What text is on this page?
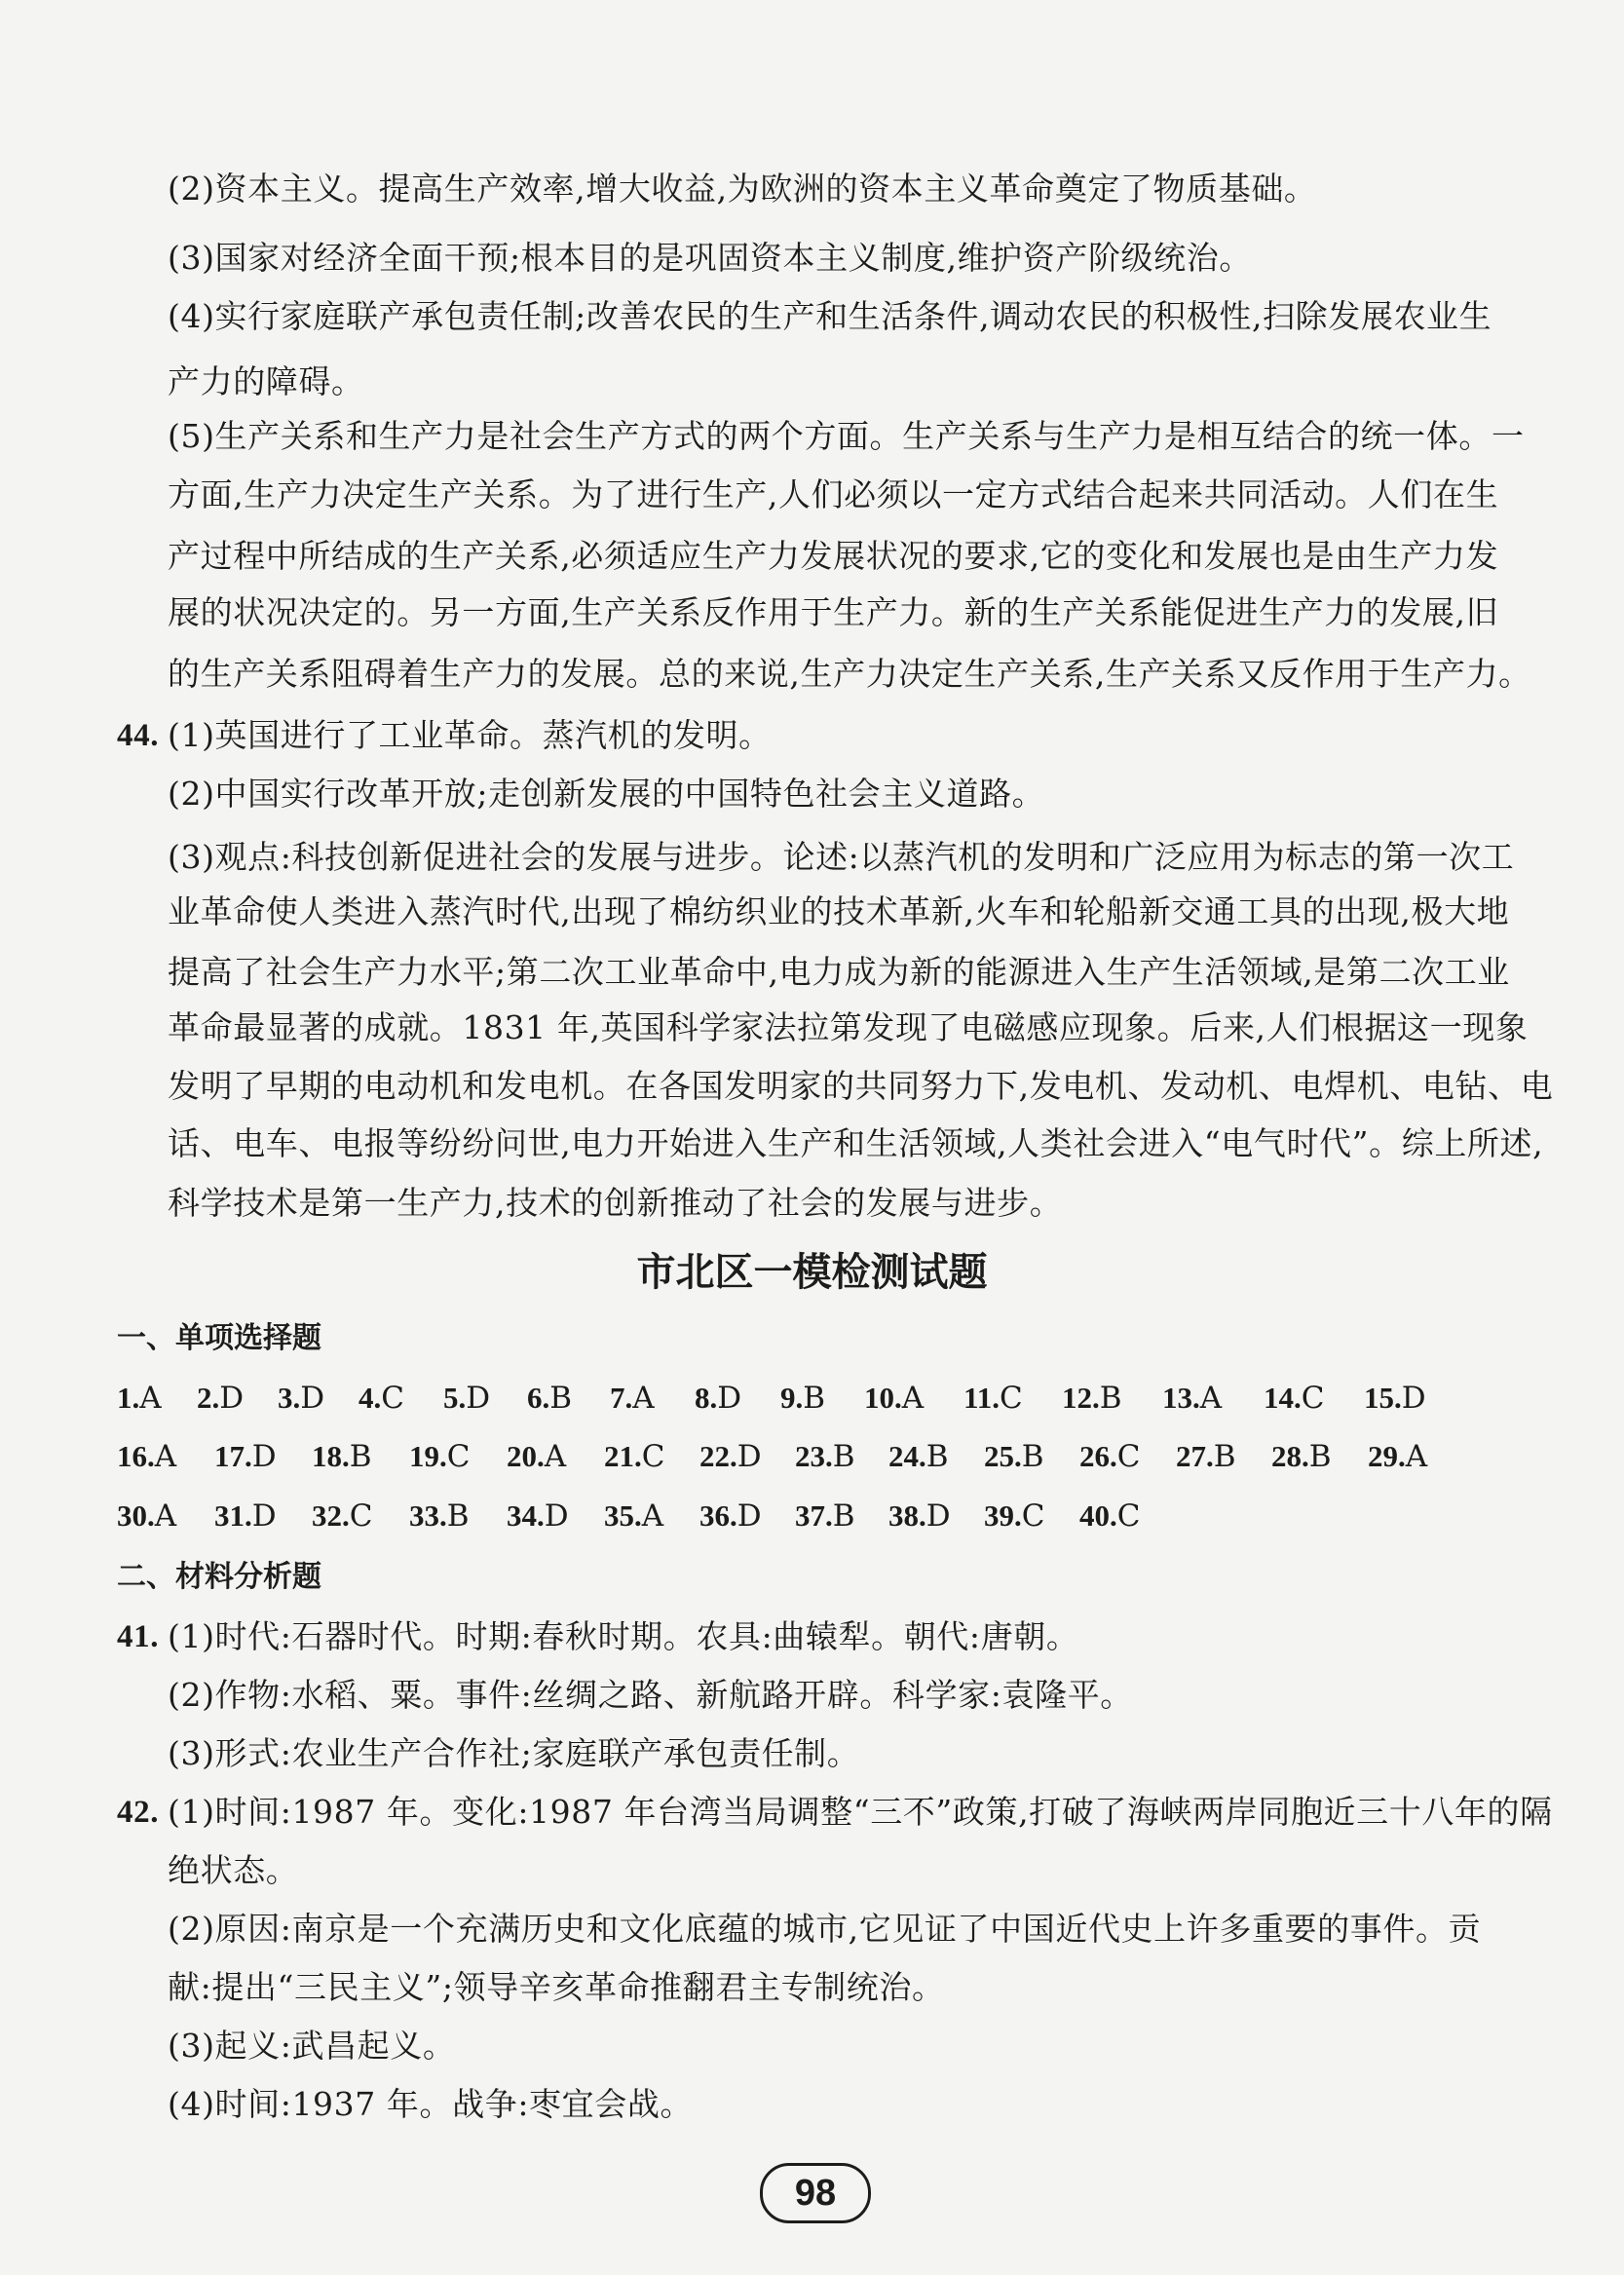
(2)资本主义。提高生产效率,增大收益,为欧洲的资本主义革命奠定了物质基础。
(3)国家对经济全面干预;根本目的是巩固资本主义制度,维护资产阶级统治。
(4)实行家庭联产承包责任制;改善农民的生产和生活条件,调动农民的积极性,扫除发展农业生
产力的障碍。
(5)生产关系和生产力是社会生产方式的两个方面。生产关系与生产力是相互结合的统一体。一
方面,生产力决定生产关系。为了进行生产,人们必须以一定方式结合起来共同活动。人们在生
产过程中所结成的生产关系,必须适应生产力发展状况的要求,它的变化和发展也是由生产力发
展的状况决定的。另一方面,生产关系反作用于生产力。新的生产关系能促进生产力的发展,旧
的生产关系阻碍着生产力的发展。总的来说,生产力决定生产关系,生产关系又反作用于生产力。
44. (1)英国进行了工业革命。蒸汽机的发明。
(2)中国实行改革开放;走创新发展的中国特色社会主义道路。
(3)观点:科技创新促进社会的发展与进步。论述:以蒸汽机的发明和广泛应用为标志的第一次工
业革命使人类进入蒸汽时代,出现了棉纺织业的技术革新,火车和轮船新交通工具的出现,极大地
提高了社会生产力水平;第二次工业革命中,电力成为新的能源进入生产生活领域,是第二次工业
革命最显著的成就。1831 年,英国科学家法拉第发现了电磁感应现象。后来,人们根据这一现象
发明了早期的电动机和发电机。在各国发明家的共同努力下,发电机、发动机、电焊机、电钻、电
话、电车、电报等纷纷问世,电力开始进入生产和生活领域,人类社会进入“电气时代”。综上所述,
科学技术是第一生产力,技术的创新推动了社会的发展与进步。
市北区一模检测试题
一、单项选择题
1.A 2.D 3.D 4.C 5.D 6.B 7.A 8.D 9.B 10.A 11.C 12.B 13.A 14.C 15.D
16.A 17.D 18.B 19.C 20.A 21.C 22.D 23.B 24.B 25.B 26.C 27.B 28.B 29.A
30.A 31.D 32.C 33.B 34.D 35.A 36.D 37.B 38.D 39.C 40.C
二、材料分析题
41. (1)时代:石器时代。时期:春秋时期。农具:曲辕犁。朝代:唐朝。
(2)作物:水稻、粟。事件:丝绸之路、新航路开辟。科学家:袁隆平。
(3)形式:农业生产合作社;家庭联产承包责任制。
42. (1)时间:1987 年。变化:1987 年台湾当局调整“三不”政策,打破了海峡两岸同胞近三十八年的隔
绝状态。
(2)原因:南京是一个充满历史和文化底蕴的城市,它见证了中国近代史上许多重要的事件。贡
献:提出“三民主义”;领导辛亥革命推翻君主专制统治。
(3)起义:武昌起义。
(4)时间:1937 年。战争:枣宜会战。
98
